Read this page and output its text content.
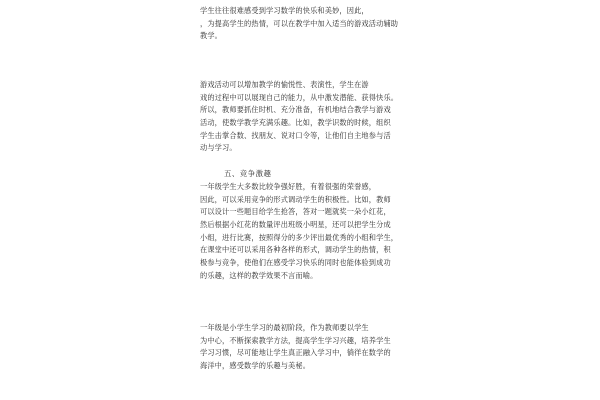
学生往往很难感受到学习数学的快乐和美妙，因此，
，为提高学生的热情，可以在教学中加入适当的游戏活动辅助
教学。
游戏活动可以增加教学的愉悦性、表演性，学生在游
戏的过程中可以展现自己的能力，从中激发潜能、获得快乐。
所以，教师要抓住时机、充分准备，有机地结合教学与游戏
活动，使数学教学充满乐趣。比如，教学识数的时候，组织
学生击掌合数、找朋友、说对口令等，让他们自主地参与活
动与学习。
五、竞争激趣
一年级学生大多数比较争强好胜，有着很强的荣誉感，
因此，可以采用竞争的形式调动学生的积极性。比如，教师
可以设计一些题目给学生抢答，答对一题就奖一朵小红花，
然后根据小红花的数量评出班级小明星，还可以把学生分成
小组，进行比赛，按照得分的多少评出最优秀的小组和学生，
在课堂中还可以采用各种各样的形式，调动学生的热情，积
极参与竞争，使他们在感受学习快乐的同时也能体验到成功
的乐趣，这样的教学效果不言而喻。
一年级是小学生学习的最初阶段，作为教师要以学生
为中心，不断探索教学方法，提高学生学习兴趣，培养学生
学习习惯，尽可能地让学生真正融入学习中，徜徉在数学的
海洋中，感受数学的乐趣与美秘。
